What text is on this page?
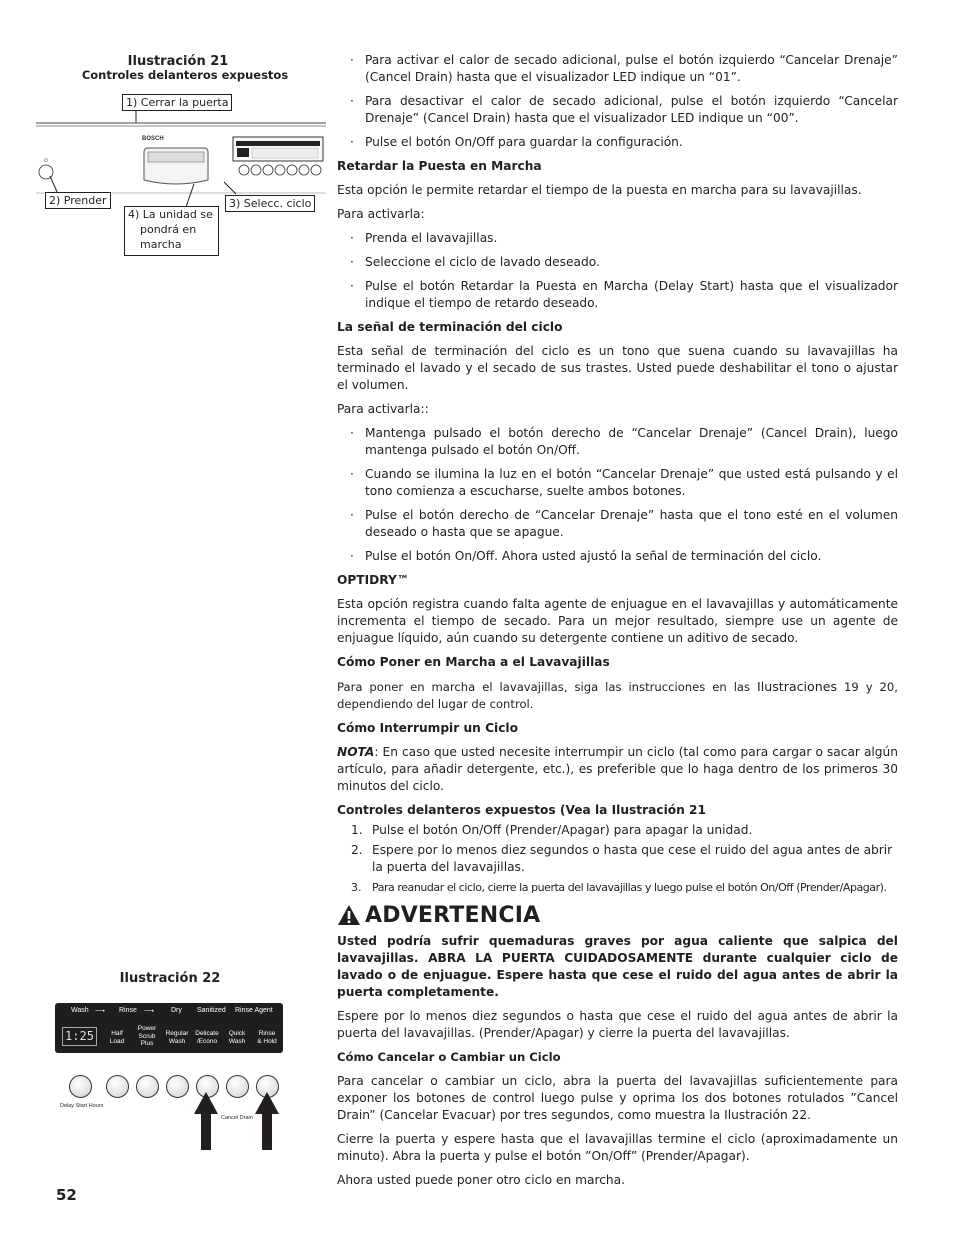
Ilustración 21
Controles delanteros expuestos
⏻
BOSCH
1) Cerrar la puerta
2) Prender	3) Selecc. ciclo
4) La unidad se
pondrá en
marcha
Ilustración 22
Wash ⟶ Rinse ⟶ Dry Sanitized Rinse Agent
1:25	Half
Load
Power
Scrub
Plus
Regular
Wash
Delicate
/Econo
Quick
Wash
Rinse
& Hold
Delay Start Hours
Cancel Drain
· Para activar el calor de secado adicional, pulse el botón izquierdo “Cancelar Drenaje” (Cancel Drain) hasta que el visualizador LED indique un “01”.
· Para desactivar el calor de secado adicional, pulse el botón izquierdo “Cancelar Drenaje” (Cancel Drain) hasta que el visualizador LED indique un “00”.
· Pulse el botón On/Off para guardar la configuración.
Retardar la Puesta en Marcha

Esta opción le permite retardar el tiempo de la puesta en marcha para su lavavajillas.

Para activarla:

· Prenda el lavavajillas.
· Seleccione el ciclo de lavado deseado.
· Pulse el botón Retardar la Puesta en Marcha (Delay Start) hasta que el visualizador indique el tiempo de retardo deseado.
La señal de terminación del ciclo

Esta señal de terminación del ciclo es un tono que suena cuando su lavavajillas ha terminado el lavado y el secado de sus trastes. Usted puede deshabilitar el tono o ajustar el volumen.

Para activarla::

· Mantenga pulsado el botón derecho de “Cancelar Drenaje” (Cancel Drain), luego mantenga pulsado el botón On/Off.
· Cuando se ilumina la luz en el botón “Cancelar Drenaje” que usted está pulsando y el tono comienza a escucharse, suelte ambos botones.
· Pulse el botón derecho de “Cancelar Drenaje” hasta que el tono esté en el volumen deseado o hasta que se apague.
· Pulse el botón On/Off. Ahora usted ajustó la señal de terminación del ciclo.
OPTIDRY™

Esta opción registra cuando falta agente de enjuague en el lavavajillas y automáticamente incrementa el tiempo de secado. Para un mejor resultado, siempre use un agente de enjuague líquido, aún cuando su detergente contiene un aditivo de secado.

Cómo Poner en Marcha a el Lavavajillas

Para poner en marcha el lavavajillas, siga las instrucciones en las Ilustraciones 19 y 20, dependiendo del lugar de control.

Cómo Interrumpir un Ciclo

NOTA: En caso que usted necesite interrumpir un ciclo (tal como para cargar o sacar algún artículo, para añadir detergente, etc.), es preferible que lo haga dentro de los primeros 30 minutos del ciclo.

Controles delanteros expuestos (Vea la Ilustración 21
1. Pulse el botón On/Off (Prender/Apagar) para apagar la unidad.
2. Espere por lo menos diez segundos o hasta que cese el ruido del agua antes de abrir la puerta del lavavajillas.
3. Para reanudar el ciclo, cierre la puerta del lavavajillas y luego pulse el botón On/Off (Prender/Apagar).
ADVERTENCIA
Usted podría sufrir quemaduras graves por agua caliente que salpica del lavavajillas. ABRA LA PUERTA CUIDADOSAMENTE durante cualquier ciclo de lavado o de enjuague. Espere hasta que cese el ruido del agua antes de abrir la puerta completamente.

Espere por lo menos diez segundos o hasta que cese el ruido del agua antes de abrir la puerta del lavavajillas. (Prender/Apagar) y cierre la puerta del lavavajillas.

Cómo Cancelar o Cambiar un Ciclo

Para cancelar o cambiar un ciclo, abra la puerta del lavavajillas suficientemente para exponer los botones de control luego pulse y oprima los dos botones rotulados ”Cancel Drain” (Cancelar Evacuar) por tres segundos, como muestra la Ilustración 22.

Cierre la puerta y espere hasta que el lavavajillas termine el ciclo (aproximadamente un minuto). Abra la puerta y pulse el botón ”On/Off” (Prender/Apagar).

Ahora usted puede poner otro ciclo en marcha.

52
